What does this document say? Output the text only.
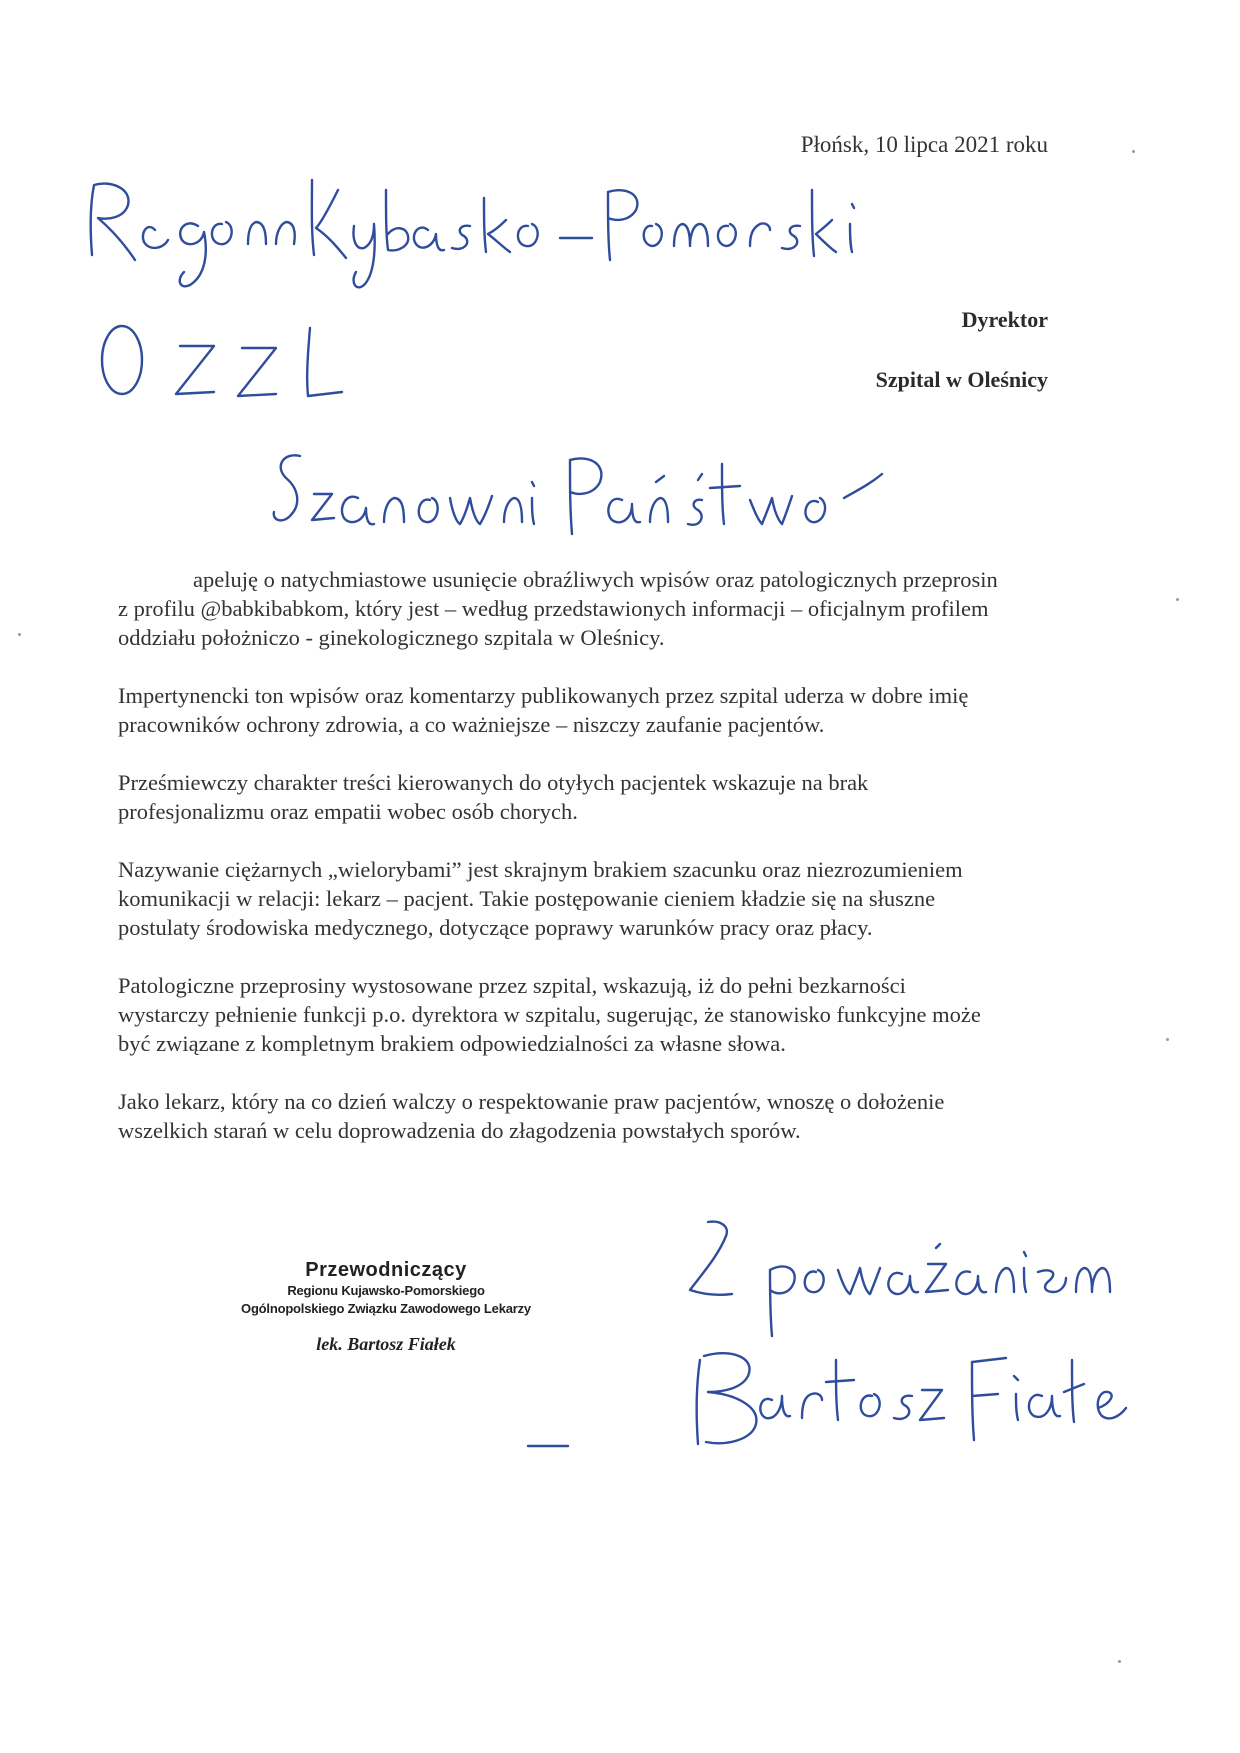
Płońsk, 10 lipca 2021 roku
Dyrektor
Szpital w Oleśnicy

apeluję o natychmiastowe usunięcie obraźliwych wpisów oraz patologicznych przeprosin z profilu @babkibabkom, który jest – według przedstawionych informacji – oficjalnym profilem oddziału położniczo - ginekologicznego szpitala w Oleśnicy.

Impertynencki ton wpisów oraz komentarzy publikowanych przez szpital uderza w dobre imię pracowników ochrony zdrowia, a co ważniejsze – niszczy zaufanie pacjentów.

Prześmiewczy charakter treści kierowanych do otyłych pacjentek wskazuje na brak profesjonalizmu oraz empatii wobec osób chorych.

Nazywanie ciężarnych „wielorybami” jest skrajnym brakiem szacunku oraz niezrozumieniem komunikacji w relacji: lekarz – pacjent. Takie postępowanie cieniem kładzie się na słuszne postulaty środowiska medycznego, dotyczące poprawy warunków pracy oraz płacy.

Patologiczne przeprosiny wystosowane przez szpital, wskazują, iż do pełni bezkarności wystarczy pełnienie funkcji p.o. dyrektora w szpitalu, sugerując, że stanowisko funkcyjne może być związane z kompletnym brakiem odpowiedzialności za własne słowa.

Jako lekarz, który na co dzień walczy o respektowanie praw pacjentów, wnoszę o dołożenie wszelkich starań w celu doprowadzenia do złagodzenia powstałych sporów.

Przewodniczący
Regionu Kujawsko-Pomorskiego
Ogólnopolskiego Związku Zawodowego Lekarzy
lek. Bartosz Fiałek
